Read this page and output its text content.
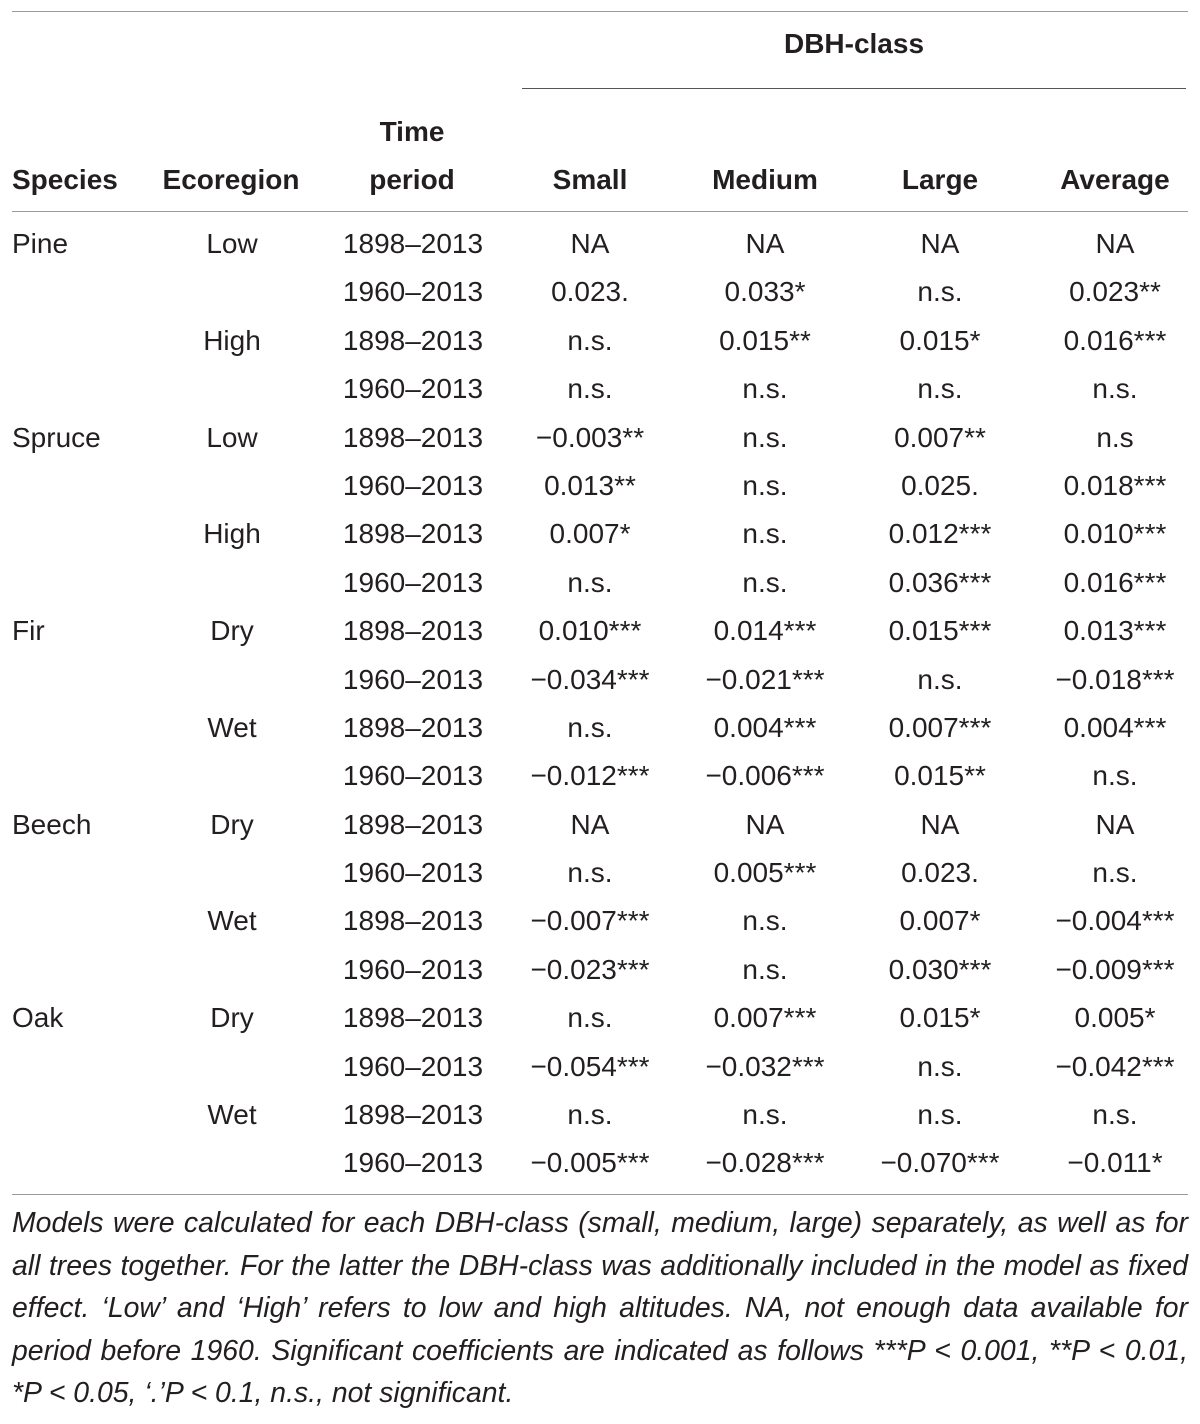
DBH-class
Species	Ecoregion
Time
period	Small	Medium	Large	Average
Pine	Low	1898–2013	NA	NA	NA	NA
1960–2013	0.023.	0.033*	n.s.	0.023**
High	1898–2013	n.s.	0.015**	0.015*	0.016***
1960–2013	n.s.	n.s.	n.s.	n.s.
Spruce	Low	1898–2013	−0.003**	n.s.	0.007**	n.s
1960–2013	0.013**	n.s.	0.025.	0.018***
High	1898–2013	0.007*	n.s.	0.012***	0.010***
1960–2013	n.s.	n.s.	0.036***	0.016***
Fir	Dry	1898–2013	0.010***	0.014***	0.015***	0.013***
1960–2013	−0.034***	−0.021***	n.s.	−0.018***
Wet	1898–2013	n.s.	0.004***	0.007***	0.004***
1960–2013	−0.012***	−0.006***	0.015**	n.s.
Beech	Dry	1898–2013	NA	NA	NA	NA
1960–2013	n.s.	0.005***	0.023.	n.s.
Wet	1898–2013	−0.007***	n.s.	0.007*	−0.004***
1960–2013	−0.023***	n.s.	0.030***	−0.009***
Oak	Dry	1898–2013	n.s.	0.007***	0.015*	0.005*
1960–2013	−0.054***	−0.032***	n.s.	−0.042***
Wet	1898–2013	n.s.	n.s.	n.s.	n.s.
1960–2013	−0.005***	−0.028***	−0.070***	−0.011*
Models were calculated for each DBH-class (small, medium, large) separately, as well as for all trees together. For the latter the DBH-class was additionally included in the model as fixed effect. ‘Low’ and ‘High’ refers to low and high altitudes. NA, not enough data available for period before 1960. Significant coefficients are indicated as follows ***P < 0.001, **P < 0.01, *P < 0.05, ‘.’P < 0.1, n.s., not significant.
